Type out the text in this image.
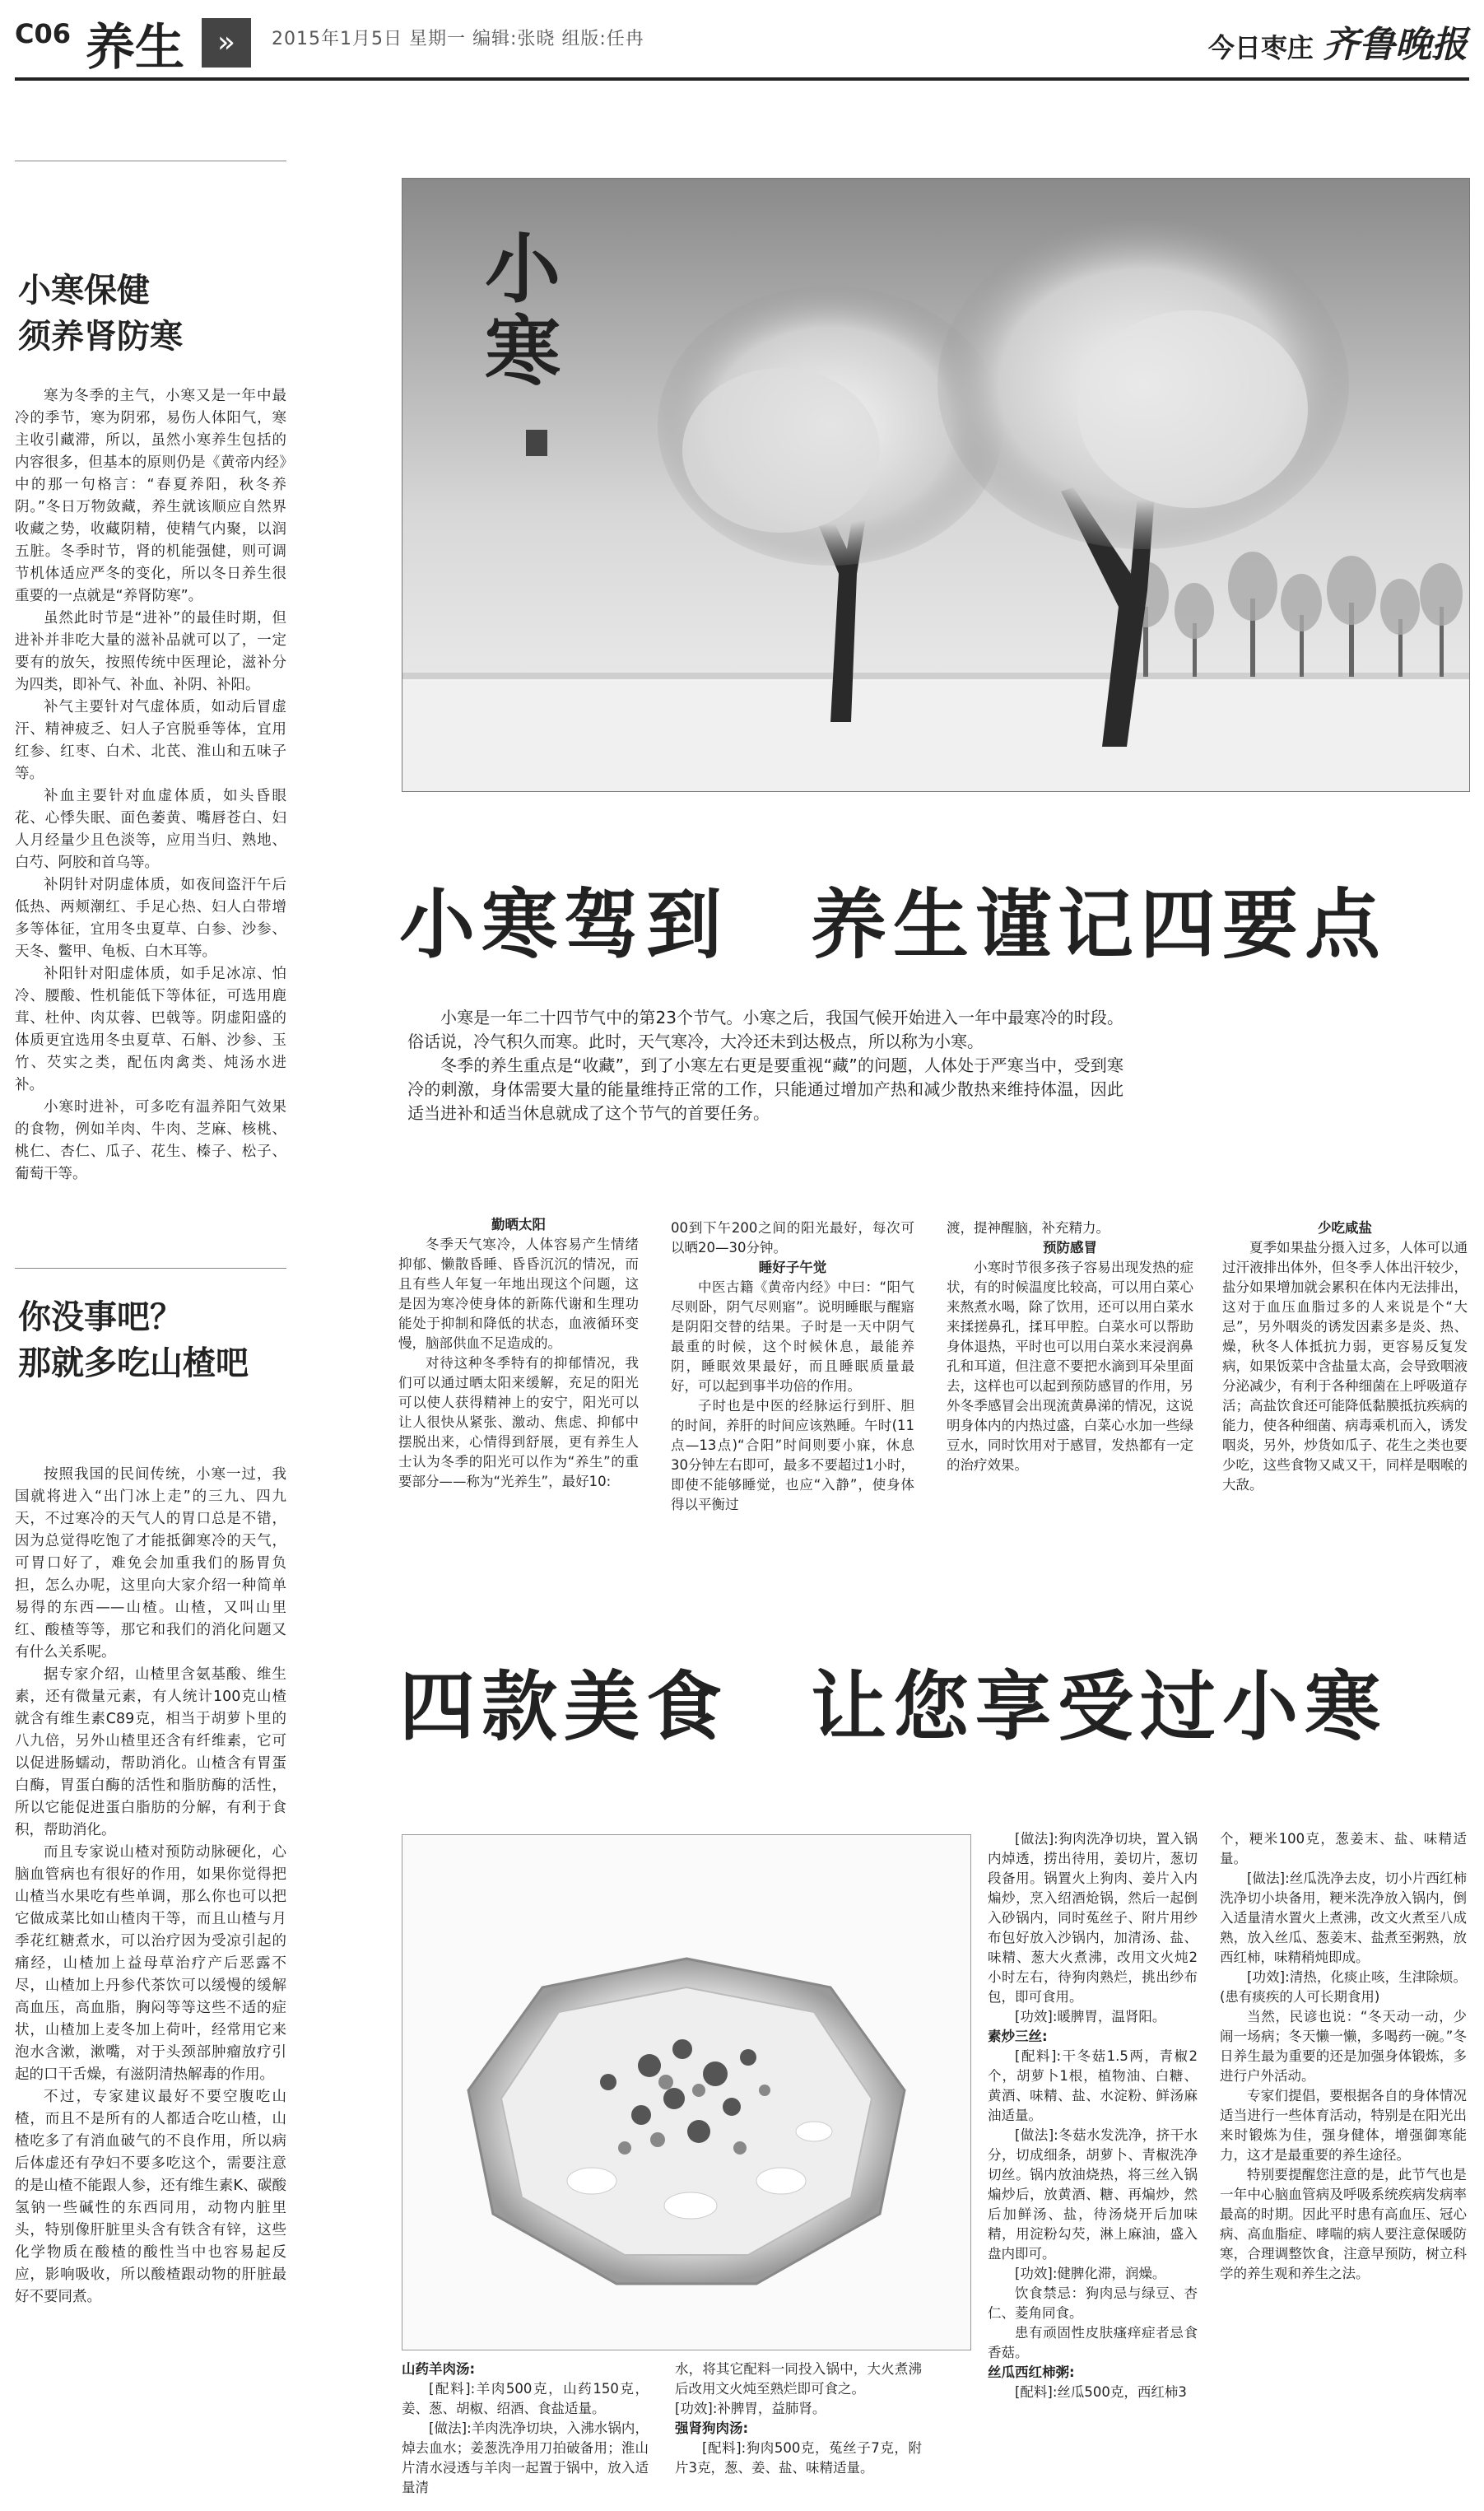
C06 养生	»	2015年1月5日 星期一 编辑:张晓 组版:任冉	今日枣庄 齐鲁晚报
小寒保健
须养肾防寒

寒为冬季的主气，小寒又是一年中最冷的季节，寒为阴邪，易伤人体阳气，寒主收引藏滞，所以，虽然小寒养生包括的内容很多，但基本的原则仍是《黄帝内经》中的那一句格言：“春夏养阳，秋冬养阴。”冬日万物敛藏，养生就该顺应自然界收藏之势，收藏阴精，使精气内聚，以润五脏。冬季时节，肾的机能强健，则可调节机体适应严冬的变化，所以冬日养生很重要的一点就是“养肾防寒”。

虽然此时节是“进补”的最佳时期，但进补并非吃大量的滋补品就可以了，一定要有的放矢，按照传统中医理论，滋补分为四类，即补气、补血、补阴、补阳。

补气主要针对气虚体质，如动后冒虚汗、精神疲乏、妇人子宫脱垂等体，宜用红参、红枣、白术、北芪、淮山和五味子等。

补血主要针对血虚体质，如头昏眼花、心悸失眠、面色萎黄、嘴唇苍白、妇人月经量少且色淡等，应用当归、熟地、白芍、阿胶和首乌等。

补阴针对阴虚体质，如夜间盗汗午后低热、两颊潮红、手足心热、妇人白带增多等体征，宜用冬虫夏草、白参、沙参、天冬、鳖甲、龟板、白木耳等。

补阳针对阳虚体质，如手足冰凉、怕冷、腰酸、性机能低下等体征，可选用鹿茸、杜仲、肉苁蓉、巴戟等。阴虚阳盛的体质更宜选用冬虫夏草、石斛、沙参、玉竹、芡实之类，配伍肉禽类、炖汤水进补。

小寒时进补，可多吃有温养阳气效果的食物，例如羊肉、牛肉、芝麻、核桃、桃仁、杏仁、瓜子、花生、榛子、松子、葡萄干等。

你没事吧？
那就多吃山楂吧

按照我国的民间传统，小寒一过，我国就将进入“出门冰上走”的三九、四九天，不过寒冷的天气人的胃口总是不错，因为总觉得吃饱了才能抵御寒冷的天气，可胃口好了，难免会加重我们的肠胃负担，怎么办呢，这里向大家介绍一种简单易得的东西——山楂。山楂，又叫山里红、酸楂等等，那它和我们的消化问题又有什么关系呢。

据专家介绍，山楂里含氨基酸、维生素，还有微量元素，有人统计100克山楂就含有维生素C89克，相当于胡萝卜里的八九倍，另外山楂里还含有纤维素，它可以促进肠蠕动，帮助消化。山楂含有胃蛋白酶，胃蛋白酶的活性和脂肪酶的活性，所以它能促进蛋白脂肪的分解，有利于食积，帮助消化。

而且专家说山楂对预防动脉硬化，心脑血管病也有很好的作用，如果你觉得把山楂当水果吃有些单调，那么你也可以把它做成菜比如山楂肉干等，而且山楂与月季花红糖煮水，可以治疗因为受凉引起的痛经，山楂加上益母草治疗产后恶露不尽，山楂加上丹参代茶饮可以缓慢的缓解高血压，高血脂，胸闷等等这些不适的症状，山楂加上麦冬加上荷叶，经常用它来泡水含漱，漱嘴，对于头颈部肿瘤放疗引起的口干舌燥，有滋阴清热解毒的作用。

不过，专家建议最好不要空腹吃山楂，而且不是所有的人都适合吃山楂，山楂吃多了有消血破气的不良作用，所以病后体虚还有孕妇不要多吃这个，需要注意的是山楂不能跟人参，还有维生素K、碳酸氢钠一些碱性的东西同用，动物内脏里头，特别像肝脏里头含有铁含有锌，这些化学物质在酸楂的酸性当中也容易起反应，影响吸收，所以酸楂跟动物的肝脏最好不要同煮。

小寒
小寒驾到　养生谨记四要点

小寒是一年二十四节气中的第23个节气。小寒之后，我国气候开始进入一年中最寒冷的时段。俗话说，冷气积久而寒。此时，天气寒冷，大冷还未到达极点，所以称为小寒。

冬季的养生重点是“收藏”，到了小寒左右更是要重视“藏”的问题，人体处于严寒当中，受到寒冷的刺激，身体需要大量的能量维持正常的工作，只能通过增加产热和减少散热来维持体温，因此适当进补和适当休息就成了这个节气的首要任务。

勤晒太阳

冬季天气寒冷，人体容易产生情绪抑郁、懒散昏睡、昏昏沉沉的情况，而且有些人年复一年地出现这个问题，这是因为寒冷使身体的新陈代谢和生理功能处于抑制和降低的状态，血液循环变慢，脑部供血不足造成的。

对待这种冬季特有的抑郁情况，我们可以通过晒太阳来缓解，充足的阳光可以使人获得精神上的安宁，阳光可以让人很快从紧张、激动、焦虑、抑郁中摆脱出来，心情得到舒展，更有养生人士认为冬季的阳光可以作为“养生”的重要部分——称为“光养生”，最好10:

00到下午200之间的阳光最好，每次可以晒20—30分钟。
睡好子午觉

中医古籍《黄帝内经》中曰：“阳气尽则卧，阴气尽则寤”。说明睡眠与醒寤是阴阳交替的结果。子时是一天中阴气最重的时候，这个时候休息，最能养阴，睡眠效果最好，而且睡眠质量最好，可以起到事半功倍的作用。

子时也是中医的经脉运行到肝、胆的时间，养肝的时间应该熟睡。午时(11点—13点)“合阳”时间则要小寐，休息30分钟左右即可，最多不要超过1小时，即使不能够睡觉，也应“入静”，使身体得以平衡过

渡，提神醒脑，补充精力。
预防感冒

小寒时节很多孩子容易出现发热的症状，有的时候温度比较高，可以用白菜心来熬煮水喝，除了饮用，还可以用白菜水来揉搓鼻孔，揉耳甲腔。白菜水可以帮助身体退热，平时也可以用白菜水来浸润鼻孔和耳道，但注意不要把水滴到耳朵里面去，这样也可以起到预防感冒的作用，另外冬季感冒会出现流黄鼻涕的情况，这说明身体内的内热过盛，白菜心水加一些绿豆水，同时饮用对于感冒，发热都有一定的治疗效果。

少吃咸盐

夏季如果盐分摄入过多，人体可以通过汗液排出体外，但冬季人体出汗较少，盐分如果增加就会累积在体内无法排出，这对于血压血脂过多的人来说是个“大忌”，另外咽炎的诱发因素多是炎、热、燥，秋冬人体抵抗力弱，更容易反复发病，如果饭菜中含盐量太高，会导致咽液分泌减少，有利于各种细菌在上呼吸道存活；高盐饮食还可能降低黏膜抵抗疾病的能力，使各种细菌、病毒乘机而入，诱发咽炎，另外，炒货如瓜子、花生之类也要少吃，这些食物又咸又干，同样是咽喉的大敌。

四款美食　让您享受过小寒
山药羊肉汤:

[配料]:羊肉500克，山药150克，姜、葱、胡椒、绍酒、食盐适量。

[做法]:羊肉洗净切块，入沸水锅内，焯去血水；姜葱洗净用刀拍破备用；淮山片清水浸透与羊肉一起置于锅中，放入适量清

水，将其它配料一同投入锅中，大火煮沸后改用文火炖至熟烂即可食之。
[功效]:补脾胃，益肺肾。
强肾狗肉汤:

[配料]:狗肉500克，菟丝子7克，附片3克，葱、姜、盐、味精适量。

[做法]:狗肉洗净切块，置入锅内焯透，捞出待用，姜切片，葱切段备用。锅置火上狗肉、姜片入内煸炒，烹入绍酒炝锅，然后一起倒入砂锅内，同时菟丝子、附片用纱布包好放入沙锅内，加清汤、盐、味精、葱大火煮沸，改用文火炖2小时左右，待狗肉熟烂，挑出纱布包，即可食用。

[功效]:暖脾胃，温肾阳。

素炒三丝:

[配料]:干冬菇1.5两，青椒2个，胡萝卜1根，植物油、白糖、黄酒、味精、盐、水淀粉、鲜汤麻油适量。

[做法]:冬菇水发洗净，挤干水分，切成细条，胡萝卜、青椒洗净切丝。锅内放油烧热，将三丝入锅煸炒后，放黄酒、糖、再煸炒，然后加鲜汤、盐，待汤烧开后加味精，用淀粉勾芡，淋上麻油，盛入盘内即可。

[功效]:健脾化滞，润燥。

饮食禁忌：狗肉忌与绿豆、杏仁、菱角同食。

患有顽固性皮肤瘙痒症者忌食香菇。

丝瓜西红柿粥:

[配料]:丝瓜500克，西红柿3

个，粳米100克，葱姜末、盐、味精适量。

[做法]:丝瓜洗净去皮，切小片西红柿洗净切小块备用，粳米洗净放入锅内，倒入适量清水置火上煮沸，改文火煮至八成熟，放入丝瓜、葱姜末、盐煮至粥熟，放西红柿，味精稍炖即成。

[功效]:清热，化痰止咳，生津除烦。(患有痰疾的人可长期食用)

当然，民谚也说：“冬天动一动，少闹一场病；冬天懒一懒，多喝药一碗。”冬日养生最为重要的还是加强身体锻炼，多进行户外活动。

专家们提倡，要根据各自的身体情况适当进行一些体育活动，特别是在阳光出来时锻炼为佳，强身健体，增强御寒能力，这才是最重要的养生途径。

特别要提醒您注意的是，此节气也是一年中心脑血管病及呼吸系统疾病发病率最高的时期。因此平时患有高血压、冠心病、高血脂症、哮喘的病人要注意保暖防寒，合理调整饮食，注意早预防，树立科学的养生观和养生之法。
